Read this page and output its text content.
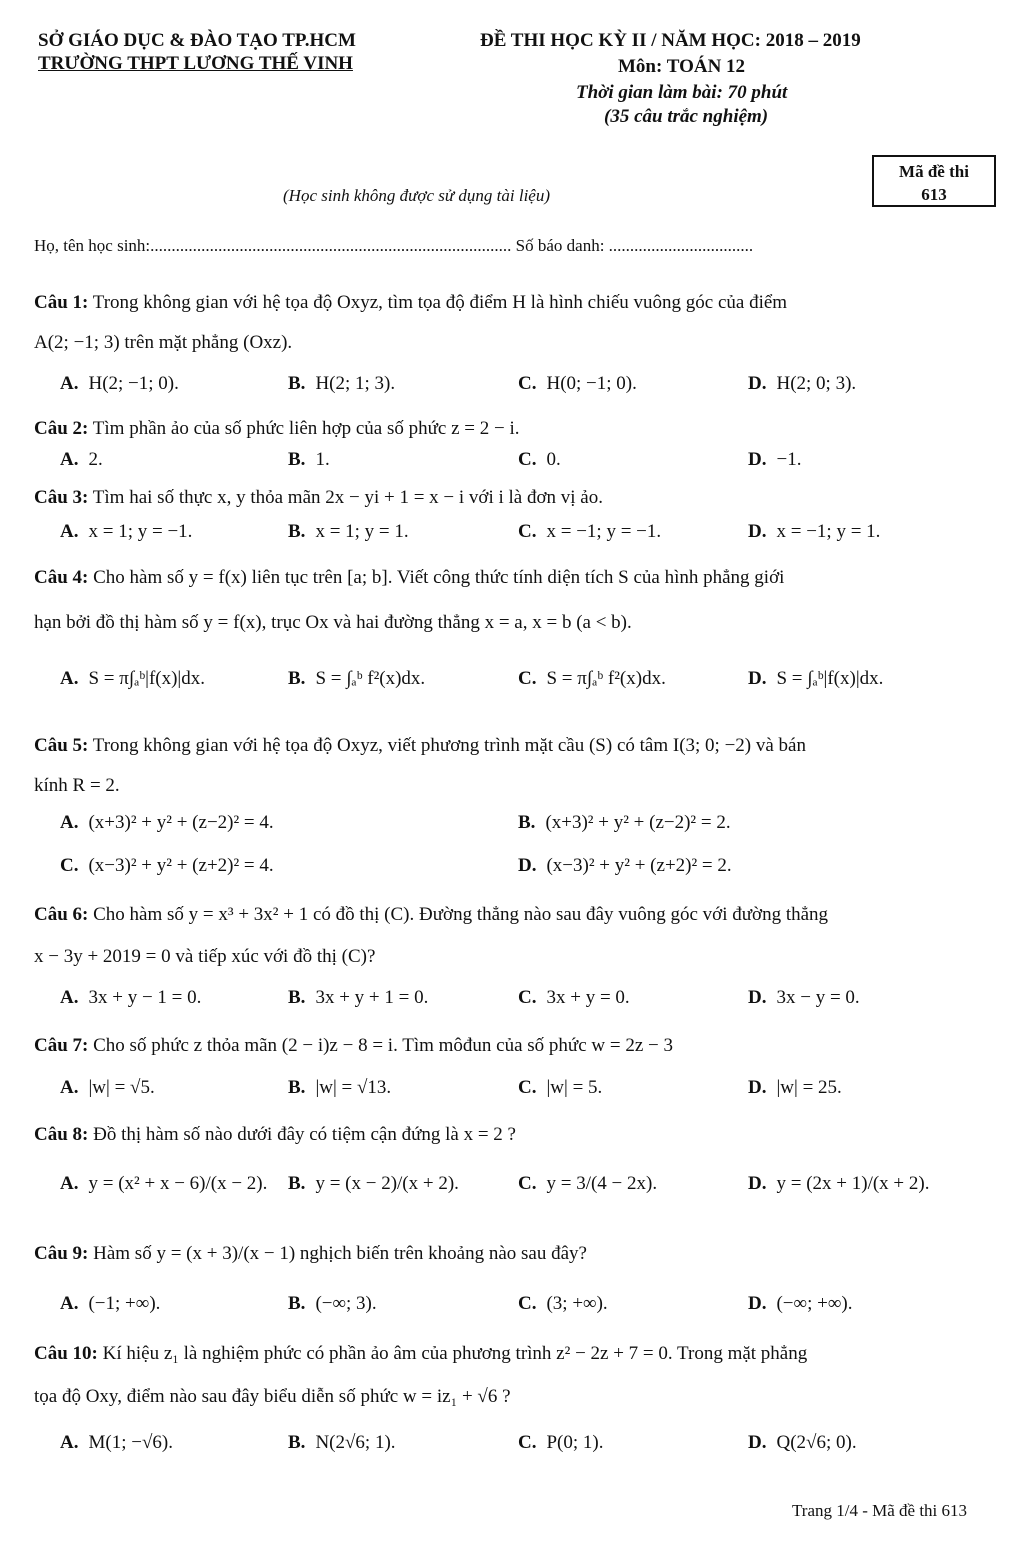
SỞ GIÁO DỤC & ĐÀO TẠO TP.HCM
TRƯỜNG THPT LƯƠNG THẾ VINH
ĐỀ THI HỌC KỲ II / NĂM HỌC: 2018 – 2019
Môn: TOÁN 12
Thời gian làm bài: 70 phút
(35 câu trắc nghiệm)
(Học sinh không được sử dụng tài liệu)
Mã đề thi
613
Họ, tên học sinh:..................................................................................... Số báo danh: ..................................
Câu 1: Trong không gian với hệ tọa độ Oxyz, tìm tọa độ điểm H là hình chiếu vuông góc của điểm
A(2; −1; 3) trên mặt phẳng (Oxz).
A. H(2; −1; 0).	B. H(2; 1; 3).	C. H(0; −1; 0).	D. H(2; 0; 3).
Câu 2: Tìm phần ảo của số phức liên hợp của số phức z = 2 − i.
A. 2.	B. 1.	C. 0.	D. −1.
Câu 3: Tìm hai số thực x, y thỏa mãn 2x − yi + 1 = x − i với i là đơn vị ảo.
A. x = 1; y = −1.	B. x = 1; y = 1.	C. x = −1; y = −1.	D. x = −1; y = 1.
Câu 4: Cho hàm số y = f(x) liên tục trên [a; b]. Viết công thức tính diện tích S của hình phẳng giới
hạn bởi đồ thị hàm số y = f(x), trục Ox và hai đường thẳng x = a, x = b (a < b).
A. S = π∫ₐᵇ|f(x)|dx.	B. S = ∫ₐᵇ f²(x)dx.	C. S = π∫ₐᵇ f²(x)dx.	D. S = ∫ₐᵇ|f(x)|dx.
Câu 5: Trong không gian với hệ tọa độ Oxyz, viết phương trình mặt cầu (S) có tâm I(3; 0; −2) và bán
kính R = 2.
A. (x+3)² + y² + (z−2)² = 4.	B. (x+3)² + y² + (z−2)² = 2.
C. (x−3)² + y² + (z+2)² = 4.	D. (x−3)² + y² + (z+2)² = 2.
Câu 6: Cho hàm số y = x³ + 3x² + 1 có đồ thị (C). Đường thẳng nào sau đây vuông góc với đường thẳng
x − 3y + 2019 = 0 và tiếp xúc với đồ thị (C)?
A. 3x + y − 1 = 0.	B. 3x + y + 1 = 0.	C. 3x + y = 0.	D. 3x − y = 0.
Câu 7: Cho số phức z thỏa mãn (2 − i)z − 8 = i. Tìm môđun của số phức w = 2z − 3
A. |w| = √5.	B. |w| = √13.	C. |w| = 5.	D. |w| = 25.
Câu 8: Đồ thị hàm số nào dưới đây có tiệm cận đứng là x = 2 ?
A. y = (x² + x − 6)/(x − 2). B. y = (x − 2)/(x + 2).	C. y = 3/(4 − 2x).	D. y = (2x + 1)/(x + 2).
Câu 9: Hàm số y = (x + 3)/(x − 1) nghịch biến trên khoảng nào sau đây?
A. (−1; +∞).	B. (−∞; 3).	C. (3; +∞).	D. (−∞; +∞).
Câu 10: Kí hiệu z₁ là nghiệm phức có phần ảo âm của phương trình z² − 2z + 7 = 0. Trong mặt phẳng
tọa độ Oxy, điểm nào sau đây biểu diễn số phức w = iz₁ + √6 ?
A. M(1; −√6).	B. N(2√6; 1).	C. P(0; 1).	D. Q(2√6; 0).
Trang 1/4 - Mã đề thi 613
